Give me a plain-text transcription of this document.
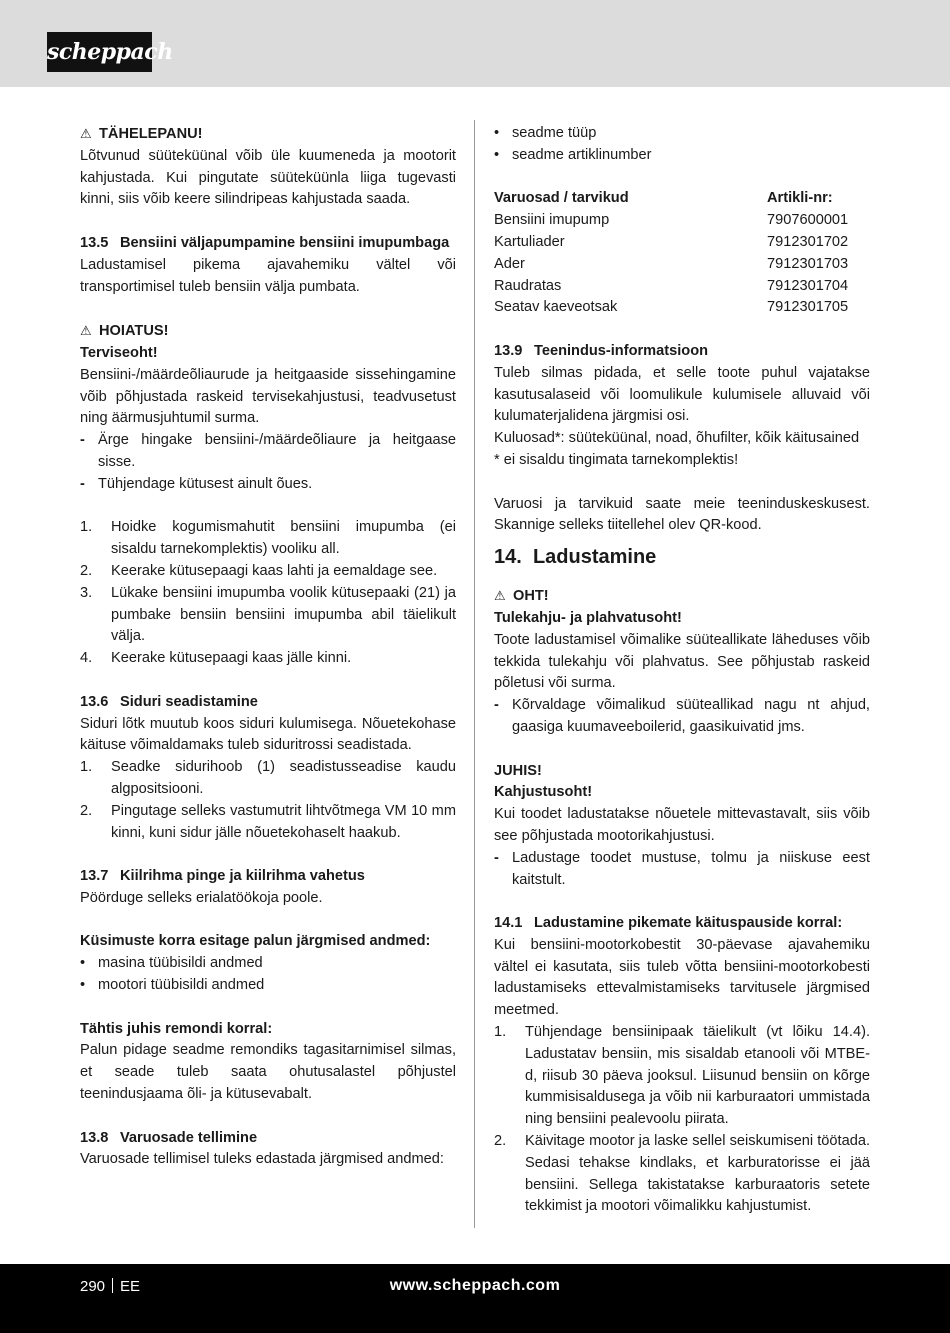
scheppach

⚠ TÄHELEPANU!

Lõtvunud süüteküünal võib üle kuumeneda ja mootorit kahjustada. Kui pingutate süüteküünla liiga tugevasti kinni, siis võib keere silindripeas kahjustada saada.

13.5 Bensiini väljapumpamine bensiini imupumbaga

Ladustamisel pikema ajavahemiku vältel või transportimisel tuleb bensiin välja pumbata.

⚠ HOIATUS!

Terviseoht!

Bensiini-/määrdeõliaurude ja heitgaaside sissehingamine võib põhjustada raskeid tervisekahjustusi, teadvusetust ning äärmusjuhtumil surma.

- Ärge hingake bensiini-/määrdeõliaure ja heitgaase sisse.
- Tühjendage kütusest ainult õues.
1.	Hoidke kogumismahutit bensiini imupumba (ei sisaldu tarnekomplektis) vooliku all.
2.	Keerake kütusepaagi kaas lahti ja eemaldage see.
3.	Lükake bensiini imupumba voolik kütusepaaki (21) ja pumbake bensiin bensiini imupumba abil täielikult välja.
4.	Keerake kütusepaagi kaas jälle kinni.
13.6 Siduri seadistamine

Siduri lõtk muutub koos siduri kulumisega. Nõuetekohase käituse võimaldamaks tuleb siduritrossi seadistada.

1.	Seadke sidurihoob (1) seadistusseadise kaudu algpositsiooni.
2.	Pingutage selleks vastumutrit lihtvõtmega VM 10 mm kinni, kuni sidur jälle nõuetekohaselt haakub.
13.7 Kiilrihma pinge ja kiilrihma vahetus

Pöörduge selleks erialatöökoja poole.

Küsimuste korra esitage palun järgmised andmed:

• masina tüübisildi andmed
• mootori tüübisildi andmed

Tähtis juhis remondi korral:

Palun pidage seadme remondiks tagasitarnimisel silmas, et seade tuleb saata ohutusalastel põhjustel teenindusjaama õli- ja kütusevabalt.

13.8 Varuosade tellimine

Varuosade tellimisel tuleks edastada järgmised andmed:

• seadme tüüp
• seadme artiklinumber
Varuosad / tarvikud	Artikli-nr:
Bensiini imupump	7907600001
Kartuliader	7912301702
Ader	7912301703
Raudratas	7912301704
Seatav kaeveotsak	7912301705
13.9 Teenindus-informatsioon

Tuleb silmas pidada, et selle toote puhul vajatakse kasutusalaseid või loomulikule kulumisele alluvaid või kulumaterjalidena järgmisi osi.

Kuluosad*: süüteküünal, noad, õhufilter, kõik käitusained

* ei sisaldu tingimata tarnekomplektis!

Varuosi ja tarvikuid saate meie teeninduskeskusest. Skannige selleks tiitellehel olev QR-kood.

14. Ladustamine

⚠ OHT!

Tulekahju- ja plahvatusoht!

Toote ladustamisel võimalike süüteallikate läheduses võib tekkida tulekahju või plahvatus. See põhjustab raskeid põletusi või surma.

- Kõrvaldage võimalikud süüteallikad nagu nt ahjud, gaasiga kuumaveeboilerid, gaasikuivatid jms.

JUHIS!

Kahjustusoht!

Kui toodet ladustatakse nõuetele mittevastavalt, siis võib see põhjustada mootorikahjustusi.

- Ladustage toodet mustuse, tolmu ja niiskuse eest kaitstult.
14.1 Ladustamine pikemate käituspauside korral:

Kui bensiini-mootorkobestit 30-päevase ajavahemiku vältel ei kasutata, siis tuleb võtta bensiini-mootorkobesti ladustamiseks ettevalmistamiseks tarvitusele järgmised meetmed.

1.	Tühjendage bensiinipaak täielikult (vt lõiku 14.4). Ladustatav bensiin, mis sisaldab etanooli või MTBE-d, riisub 30 päeva jooksul. Liisunud bensiin on kõrge kummisisaldusega ja võib nii karburaatori ummistada ning bensiini pealevoolu piirata.
2.	Käivitage mootor ja laske sellel seiskumiseni töötada. Sedasi tehakse kindlaks, et karburatorisse ei jää bensiini. Sellega takistatakse karburaatoris setete tekkimist ja mootori võimalikku kahjustumist.
290 EE	www.scheppach.com
